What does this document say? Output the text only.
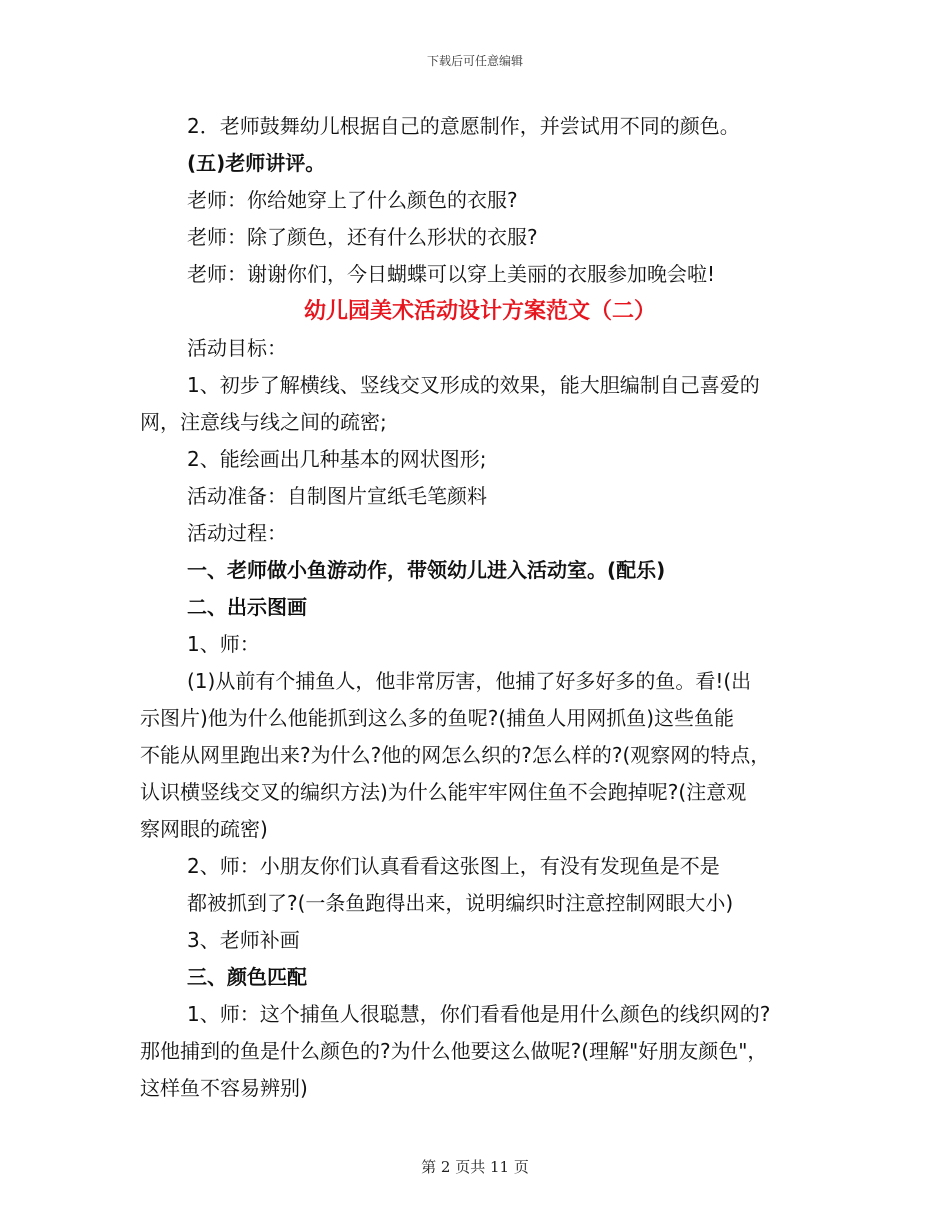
下载后可任意编辑
2．老师鼓舞幼儿根据自己的意愿制作，并尝试用不同的颜色。
(五)老师讲评。
老师：你给她穿上了什么颜色的衣服?
老师：除了颜色，还有什么形状的衣服?
老师：谢谢你们，今日蝴蝶可以穿上美丽的衣服参加晚会啦!
幼儿园美术活动设计方案范文（二）
活动目标：
1、初步了解横线、竖线交叉形成的效果，能大胆编制自己喜爱的
网，注意线与线之间的疏密;
2、能绘画出几种基本的网状图形;
活动准备：自制图片宣纸毛笔颜料
活动过程：
一、老师做小鱼游动作，带领幼儿进入活动室。(配乐)
二、出示图画
1、师：
(1)从前有个捕鱼人，他非常厉害，他捕了好多好多的鱼。看!(出
示图片)他为什么他能抓到这么多的鱼呢?(捕鱼人用网抓鱼)这些鱼能
不能从网里跑出来?为什么?他的网怎么织的?怎么样的?(观察网的特点，
认识横竖线交叉的编织方法)为什么能牢牢网住鱼不会跑掉呢?(注意观
察网眼的疏密)
2、师：小朋友你们认真看看这张图上，有没有发现鱼是不是
都被抓到了?(一条鱼跑得出来，说明编织时注意控制网眼大小)
3、老师补画
三、颜色匹配
1、师：这个捕鱼人很聪慧，你们看看他是用什么颜色的线织网的?
那他捕到的鱼是什么颜色的?为什么他要这么做呢?(理解"好朋友颜色"，
这样鱼不容易辨别)
第 2 页共 11 页
